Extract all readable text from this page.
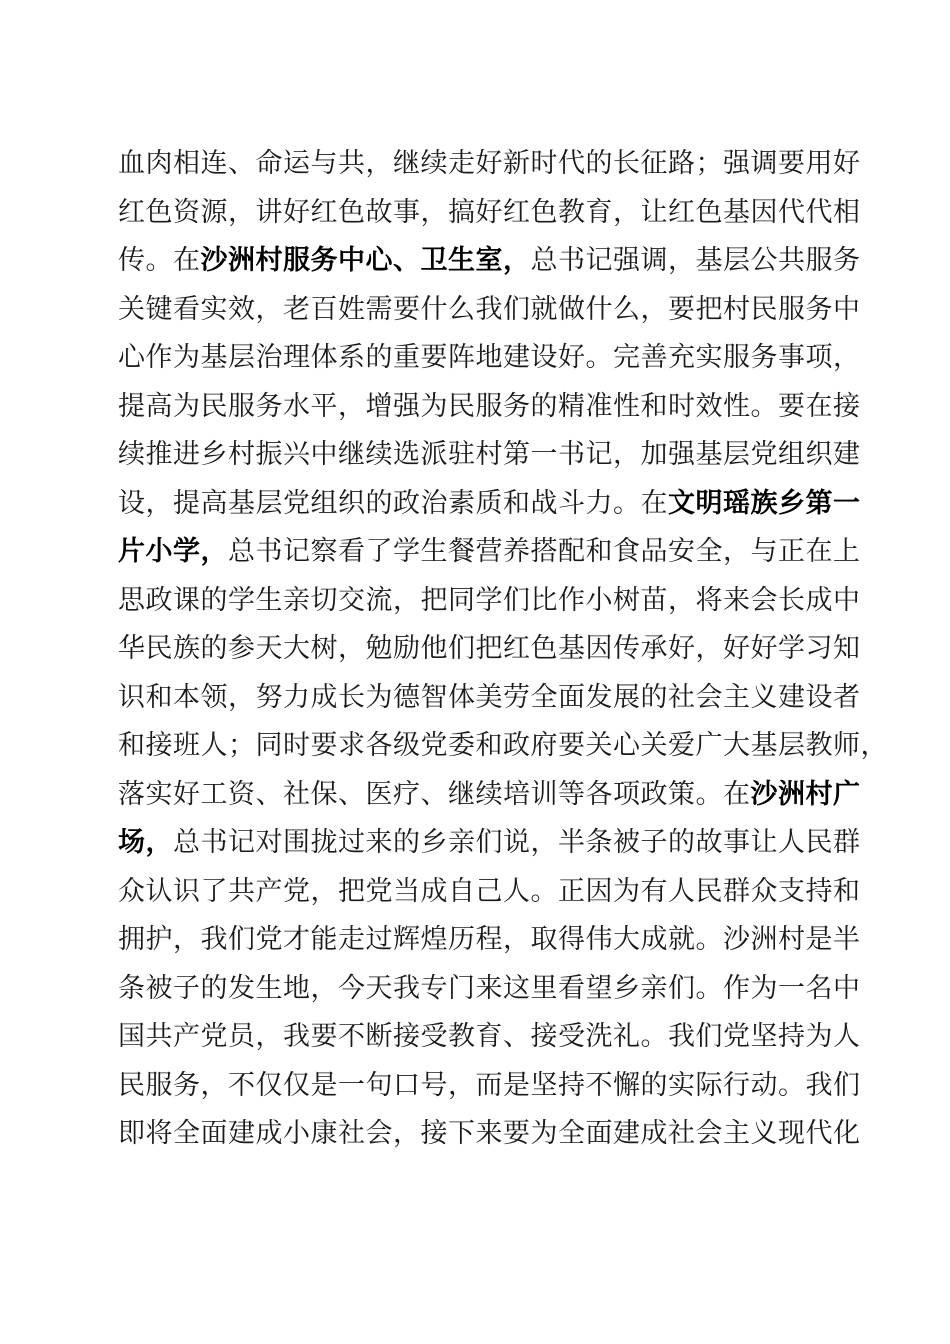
血肉相连、命运与共，继续走好新时代的长征路；强调要用好
红色资源，讲好红色故事，搞好红色教育，让红色基因代代相
传。在沙洲村服务中心、卫生室，总书记强调，基层公共服务
关键看实效，老百姓需要什么我们就做什么，要把村民服务中
心作为基层治理体系的重要阵地建设好。完善充实服务事项，
提高为民服务水平，增强为民服务的精准性和时效性。要在接
续推进乡村振兴中继续选派驻村第一书记，加强基层党组织建
设，提高基层党组织的政治素质和战斗力。在文明瑶族乡第一
片小学，总书记察看了学生餐营养搭配和食品安全，与正在上
思政课的学生亲切交流，把同学们比作小树苗，将来会长成中
华民族的参天大树，勉励他们把红色基因传承好，好好学习知
识和本领，努力成长为德智体美劳全面发展的社会主义建设者
和接班人；同时要求各级党委和政府要关心关爱广大基层教师，
落实好工资、社保、医疗、继续培训等各项政策。在沙洲村广
场，总书记对围拢过来的乡亲们说，半条被子的故事让人民群
众认识了共产党，把党当成自己人。正因为有人民群众支持和
拥护，我们党才能走过辉煌历程，取得伟大成就。沙洲村是半
条被子的发生地，今天我专门来这里看望乡亲们。作为一名中
国共产党员，我要不断接受教育、接受洗礼。我们党坚持为人
民服务，不仅仅是一句口号，而是坚持不懈的实际行动。我们
即将全面建成小康社会，接下来要为全面建成社会主义现代化
